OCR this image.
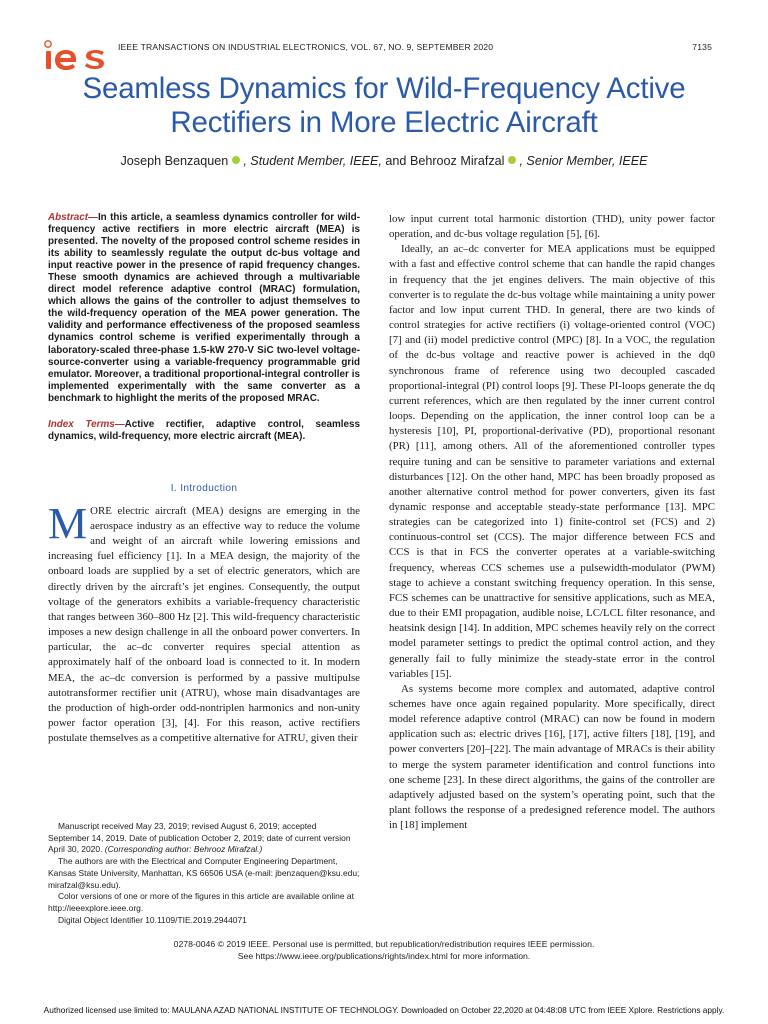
IEEE TRANSACTIONS ON INDUSTRIAL ELECTRONICS, VOL. 67, NO. 9, SEPTEMBER 2020	7135
Seamless Dynamics for Wild-Frequency Active
Rectifiers in More Electric Aircraft
Joseph Benzaquen , Student Member, IEEE, and Behrooz Mirafzal , Senior Member, IEEE
Abstract—In this article, a seamless dynamics controller for wild-frequency active rectifiers in more electric aircraft (MEA) is presented. The novelty of the proposed control scheme resides in its ability to seamlessly regulate the output dc-bus voltage and input reactive power in the presence of rapid frequency changes. These smooth dynamics are achieved through a multivariable direct model reference adaptive control (MRAC) formulation, which allows the gains of the controller to adjust themselves to the wild-frequency operation of the MEA power generation. The validity and performance effectiveness of the proposed seamless dynamics control scheme is verified experimentally through a laboratory-scaled three-phase 1.5-kW 270-V SiC two-level voltage-source-converter using a variable-frequency programmable grid emulator. Moreover, a traditional proportional-integral controller is implemented experimentally with the same converter as a benchmark to highlight the merits of the proposed MRAC.
Index Terms—Active rectifier, adaptive control, seamless dynamics, wild-frequency, more electric aircraft (MEA).
I. Introduction
MORE electric aircraft (MEA) designs are emerging in the aerospace industry as an effective way to reduce the volume and weight of an aircraft while lowering emissions and increasing fuel efficiency [1]. In a MEA design, the majority of the onboard loads are supplied by a set of electric generators, which are directly driven by the aircraft’s jet engines. Consequently, the output voltage of the generators exhibits a variable-frequency characteristic that ranges between 360–800 Hz [2]. This wild-frequency characteristic imposes a new design challenge in all the onboard power converters. In particular, the ac–dc converter requires special attention as approximately half of the onboard load is connected to it. In modern MEA, the ac–dc conversion is performed by a passive multipulse autotransformer rectifier unit (ATRU), whose main disadvantages are the production of high-order odd-nontriplen harmonics and non-unity power factor operation [3], [4]. For this reason, active rectifiers postulate themselves as a competitive alternative for ATRU, given their

low input current total harmonic distortion (THD), unity power factor operation, and dc-bus voltage regulation [5], [6].

Ideally, an ac–dc converter for MEA applications must be equipped with a fast and effective control scheme that can handle the rapid changes in frequency that the jet engines delivers. The main objective of this converter is to regulate the dc-bus voltage while maintaining a unity power factor and low input current THD. In general, there are two kinds of control strategies for active rectifiers (i) voltage-oriented control (VOC) [7] and (ii) model predictive control (MPC) [8]. In a VOC, the regulation of the dc-bus voltage and reactive power is achieved in the dq0 synchronous frame of reference using two decoupled cascaded proportional-integral (PI) control loops [9]. These PI-loops generate the dq current references, which are then regulated by the inner current control loops. Depending on the application, the inner control loop can be a hysteresis [10], PI, proportional-derivative (PD), proportional resonant (PR) [11], among others. All of the aforementioned controller types require tuning and can be sensitive to parameter variations and external disturbances [12]. On the other hand, MPC has been broadly proposed as another alternative control method for power converters, given its fast dynamic response and acceptable steady-state performance [13]. MPC strategies can be categorized into 1) finite-control set (FCS) and 2) continuous-control set (CCS). The major difference between FCS and CCS is that in FCS the converter operates at a variable-switching frequency, whereas CCS schemes use a pulsewidth-modulator (PWM) stage to achieve a constant switching frequency operation. In this sense, FCS schemes can be unattractive for sensitive applications, such as MEA, due to their EMI propagation, audible noise, LC/LCL filter resonance, and heatsink design [14]. In addition, MPC schemes heavily rely on the correct model parameter settings to predict the optimal control action, and they generally fail to fully minimize the steady-state error in the control variables [15].

As systems become more complex and automated, adaptive control schemes have once again regained popularity. More specifically, direct model reference adaptive control (MRAC) can now be found in modern application such as: electric drives [16], [17], active filters [18], [19], and power converters [20]–[22]. The main advantage of MRACs is their ability to merge the system parameter identification and control functions into one scheme [23]. In these direct algorithms, the gains of the controller are adaptively adjusted based on the system’s operating point, such that the plant follows the response of a predesigned reference model. The authors in [18] implement

Manuscript received May 23, 2019; revised August 6, 2019; accepted September 14, 2019. Date of publication October 2, 2019; date of current version April 30, 2020. (Corresponding author: Behrooz Mirafzal.)

The authors are with the Electrical and Computer Engineering Department, Kansas State University, Manhattan, KS 66506 USA (e-mail: jbenzaquen@ksu.edu; mirafzal@ksu.edu).

Color versions of one or more of the figures in this article are available online at http://ieeexplore.ieee.org.

Digital Object Identifier 10.1109/TIE.2019.2944071

0278-0046 © 2019 IEEE. Personal use is permitted, but republication/redistribution requires IEEE permission.
See https://www.ieee.org/publications/rights/index.html for more information.
Authorized licensed use limited to: MAULANA AZAD NATIONAL INSTITUTE OF TECHNOLOGY. Downloaded on October 22,2020 at 04:48:08 UTC from IEEE Xplore. Restrictions apply.
